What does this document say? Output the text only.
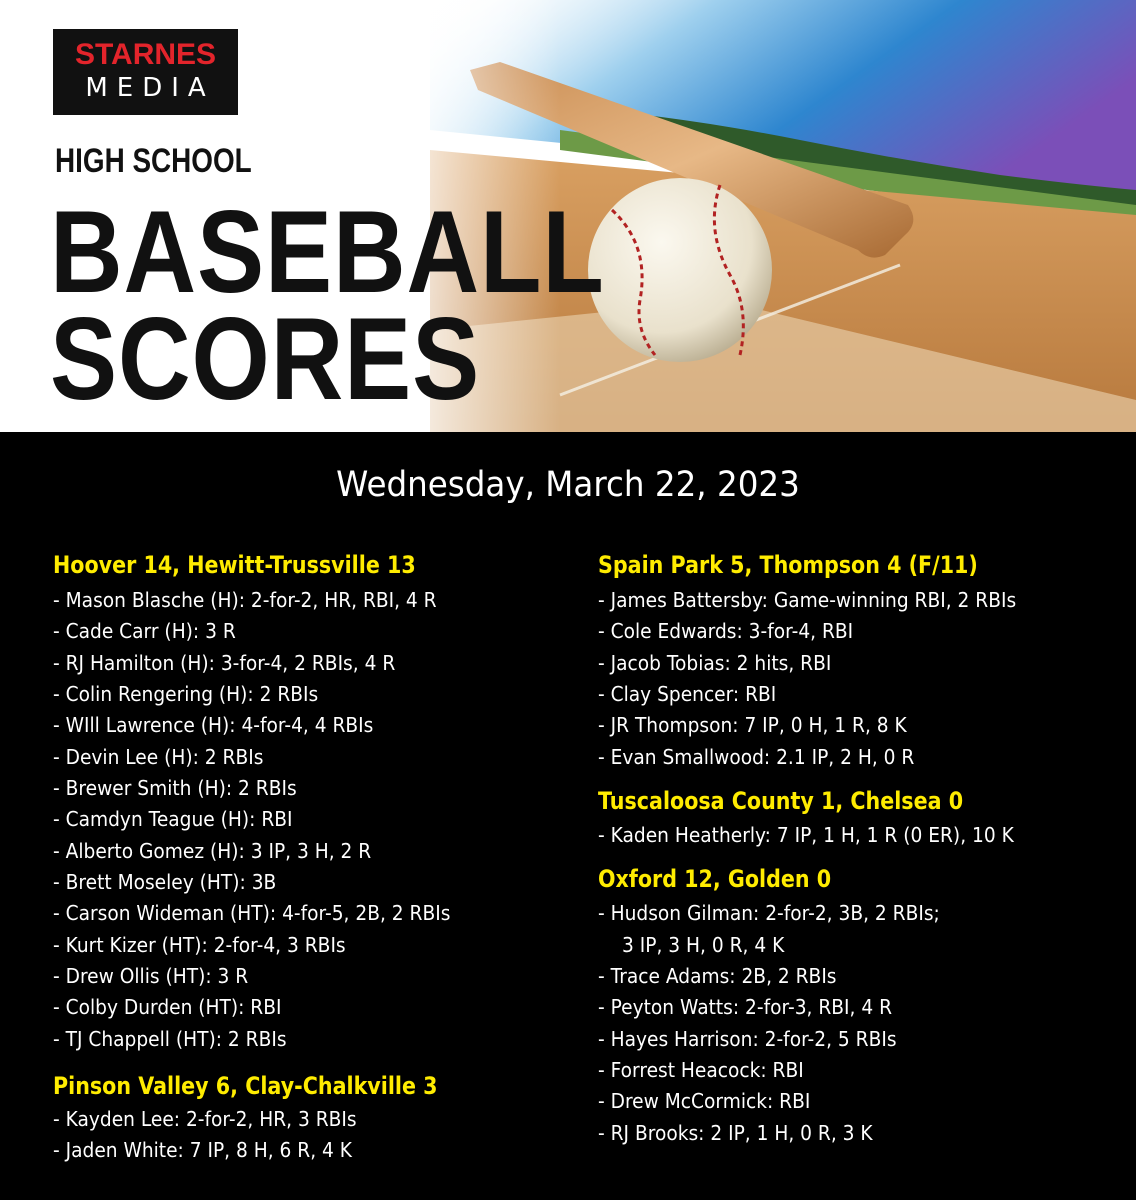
STARNES
MEDIA
HIGH SCHOOL
BASEBALL
SCORES
Wednesday, March 22, 2023
Hoover 14, Hewitt-Trussville 13
- Mason Blasche (H): 2-for-2, HR, RBI, 4 R
- Cade Carr (H): 3 R
- RJ Hamilton (H): 3-for-4, 2 RBIs, 4 R
- Colin Rengering (H): 2 RBIs
- WIll Lawrence (H): 4-for-4, 4 RBIs
- Devin Lee (H): 2 RBIs
- Brewer Smith (H): 2 RBIs
- Camdyn Teague (H): RBI
- Alberto Gomez (H): 3 IP, 3 H, 2 R
- Brett Moseley (HT): 3B
- Carson Wideman (HT): 4-for-5, 2B, 2 RBIs
- Kurt Kizer (HT): 2-for-4, 3 RBIs
- Drew Ollis (HT): 3 R
- Colby Durden (HT): RBI
- TJ Chappell (HT): 2 RBIs
Pinson Valley 6, Clay-Chalkville 3
- Kayden Lee: 2-for-2, HR, 3 RBIs
- Jaden White: 7 IP, 8 H, 6 R, 4 K
Spain Park 5, Thompson 4 (F/11)
- James Battersby: Game-winning RBI, 2 RBIs
- Cole Edwards: 3-for-4, RBI
- Jacob Tobias: 2 hits, RBI
- Clay Spencer: RBI
- JR Thompson: 7 IP, 0 H, 1 R, 8 K
- Evan Smallwood: 2.1 IP, 2 H, 0 R
Tuscaloosa County 1, Chelsea 0
- Kaden Heatherly: 7 IP, 1 H, 1 R (0 ER), 10 K
Oxford 12, Golden 0
- Hudson Gilman: 2-for-2, 3B, 2 RBIs;
3 IP, 3 H, 0 R, 4 K
- Trace Adams: 2B, 2 RBIs
- Peyton Watts: 2-for-3, RBI, 4 R
- Hayes Harrison: 2-for-2, 5 RBIs
- Forrest Heacock: RBI
- Drew McCormick: RBI
- RJ Brooks: 2 IP, 1 H, 0 R, 3 K
